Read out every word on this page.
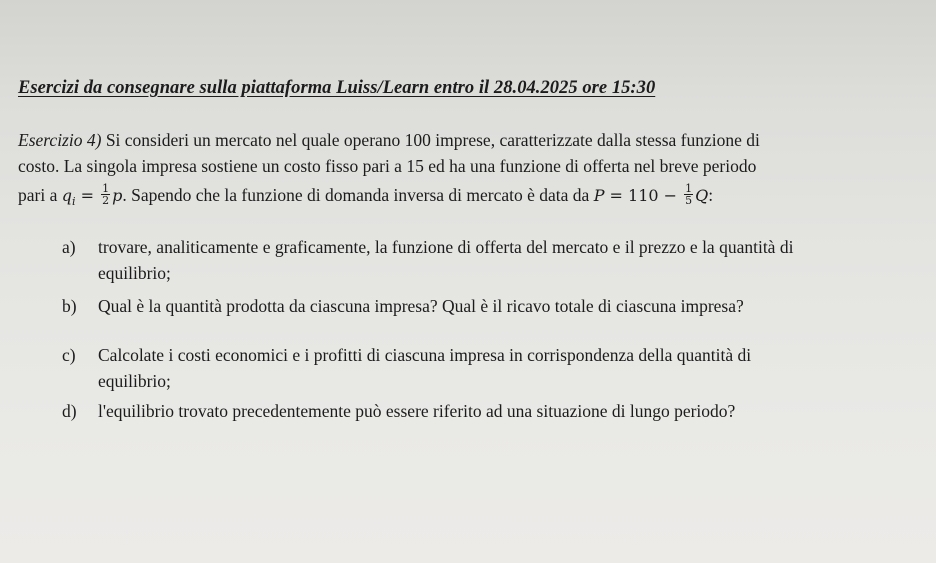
Esercizi da consegnare sulla piattaforma Luiss/Learn entro il 28.04.2025 ore 15:30
Esercizio 4) Si consideri un mercato nel quale operano 100 imprese, caratterizzate dalla stessa funzione di
costo. La singola impresa sostiene un costo fisso pari a 15 ed ha una funzione di offerta nel breve periodo
pari a $q_i = \frac{1}{2} p$. Sapendo che la funzione di domanda inversa di mercato è data da $P = 110 - \frac{1}{5} Q$:
a) trovare, analiticamente e graficamente, la funzione di offerta del mercato e il prezzo e la quantità di
equilibrio;
b) Qual è la quantità prodotta da ciascuna impresa? Qual è il ricavo totale di ciascuna impresa?
c) Calcolate i costi economici e i profitti di ciascuna impresa in corrispondenza della quantità di
equilibrio;
d) l'equilibrio trovato precedentemente può essere riferito ad una situazione di lungo periodo?
